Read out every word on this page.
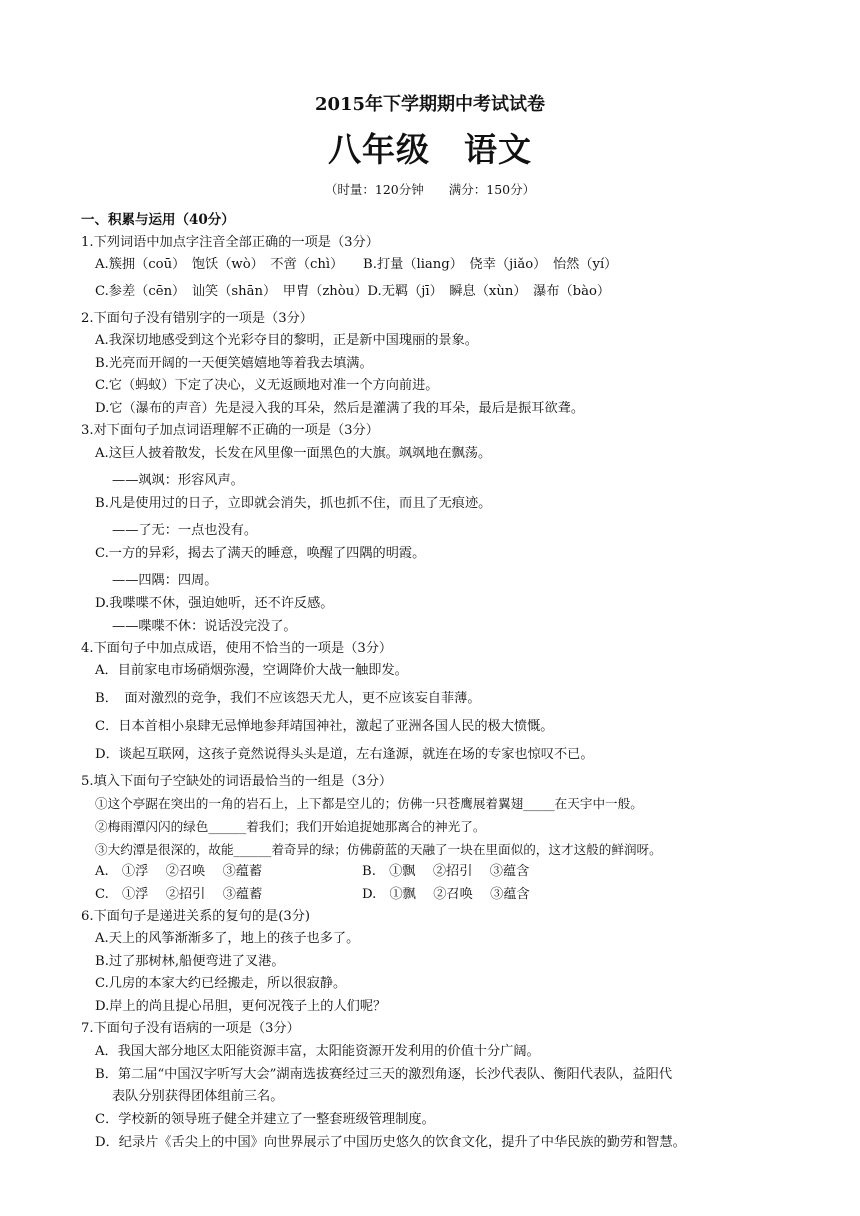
2015年下学期期中考试试卷
八年级　语文
（时量：120分钟　　满分：150分）
一、积累与运用（40分）
1.下列词语中加点字注音全部正确的一项是（3分）
A.簇拥（coū）　饱饫（wò）　不啻（chì）　　B.打量（liang）　侥幸（jiǎo）　怡然（yí）
C.参差（cēn）　讪笑（shān）　甲胄（zhòu）D.无羁（jī）　瞬息（xùn）　瀑布（bào）
2.下面句子没有错别字的一项是（3分）
A.我深切地感受到这个光彩夺目的黎明，正是新中国瑰丽的景象。
B.光亮而开阔的一天便笑嬉嬉地等着我去填满。
C.它（蚂蚁）下定了决心，义无返顾地对准一个方向前进。
D.它（瀑布的声音）先是浸入我的耳朵，然后是灌满了我的耳朵，最后是振耳欲聋。
3.对下面句子加点词语理解不正确的一项是（3分）
A.这巨人披着散发，长发在风里像一面黑色的大旗。飒飒地在飘荡。
——飒飒：形容风声。
B.凡是使用过的日子，立即就会消失，抓也抓不住，而且了无痕迹。
——了无：一点也没有。
C.一方的异彩，揭去了满天的睡意，唤醒了四隅的明霞。
——四隅：四周。
D.我喋喋不休，强迫她听，还不许反感。
——喋喋不休：说话没完没了。
4.下面句子中加点成语，使用不恰当的一项是（3分）
A．目前家电市场硝烟弥漫，空调降价大战一触即发。
B．　面对激烈的竞争，我们不应该怨天尤人，更不应该妄自菲薄。
C．日本首相小泉肆无忌惮地参拜靖国神社，激起了亚洲各国人民的极大愤慨。
D．谈起互联网，这孩子竟然说得头头是道，左右逢源，就连在场的专家也惊叹不已。
5.填入下面句子空缺处的词语最恰当的一组是（3分）
①这个亭踞在突出的一角的岩石上，上下都是空儿的；仿佛一只苍鹰展着翼翅_____在天宇中一般。
②梅雨潭闪闪的绿色______着我们；我们开始追捉她那离合的神光了。
③大约潭是很深的，故能______着奇异的绿；仿佛蔚蓝的天融了一块在里面似的，这才这般的鲜润呀。
A.　①浮　 ②召唤　 ③蕴蓄	B.　①飘　 ②招引　 ③蕴含
C.　①浮　 ②招引　 ③蕴蓄	D.　①飘　 ②召唤　 ③蕴含
6.下面句子是递进关系的复句的是(3分)
A.天上的风筝渐渐多了，地上的孩子也多了。
B.过了那树林,船便弯进了叉港。
C.几房的本家大约已经搬走，所以很寂静。
D.岸上的尚且提心吊胆，更何况筏子上的人们呢？
7.下面句子没有语病的一项是（3分）
A．我国大部分地区太阳能资源丰富，太阳能资源开发利用的价值十分广阔。
B．第二届“中国汉字听写大会”湖南选拔赛经过三天的激烈角逐，长沙代表队、衡阳代表队，益阳代
表队分别获得团体组前三名。
C．学校新的领导班子健全并建立了一整套班级管理制度。
D．纪录片《舌尖上的中国》向世界展示了中国历史悠久的饮食文化，提升了中华民族的勤劳和智慧。
